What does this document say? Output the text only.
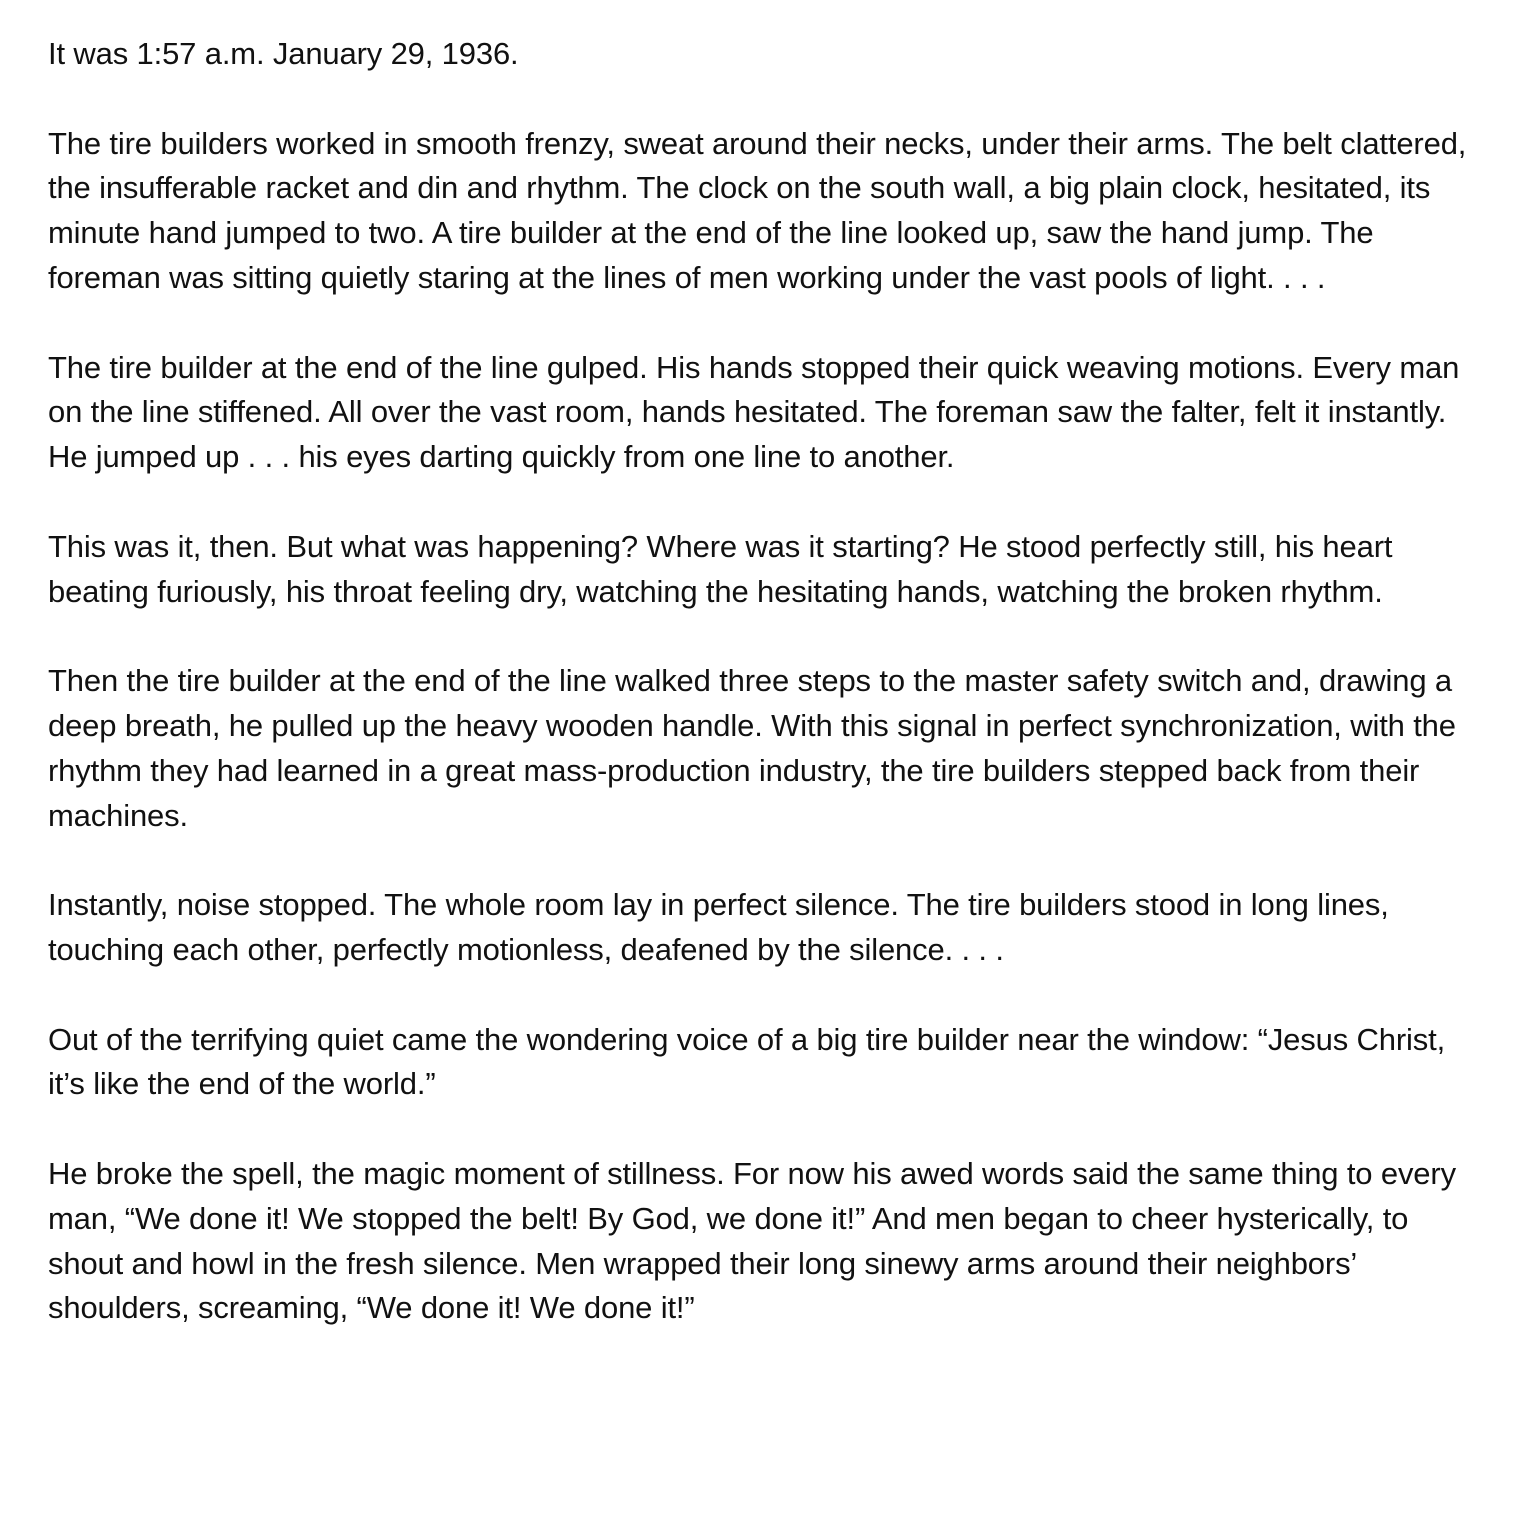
It was 1:57 a.m. January 29, 1936.

The tire builders worked in smooth frenzy, sweat around their necks, under their arms. The belt clattered, the insufferable racket and din and rhythm. The clock on the south wall, a big plain clock, hesitated, its minute hand jumped to two. A tire builder at the end of the line looked up, saw the hand jump. The foreman was sitting quietly staring at the lines of men working under the vast pools of light. . . .

The tire builder at the end of the line gulped. His hands stopped their quick weaving motions. Every man on the line stiffened. All over the vast room, hands hesitated. The foreman saw the falter, felt it instantly. He jumped up . . . his eyes darting quickly from one line to another.

This was it, then. But what was happening? Where was it starting? He stood perfectly still, his heart beating furiously, his throat feeling dry, watching the hesitating hands, watching the broken rhythm.

Then the tire builder at the end of the line walked three steps to the master safety switch and, drawing a deep breath, he pulled up the heavy wooden handle. With this signal in perfect synchronization, with the rhythm they had learned in a great mass-production industry, the tire builders stepped back from their machines.

Instantly, noise stopped. The whole room lay in perfect silence. The tire builders stood in long lines, touching each other, perfectly motionless, deafened by the silence. . . .

Out of the terrifying quiet came the wondering voice of a big tire builder near the window: “Jesus Christ, it’s like the end of the world.”

He broke the spell, the magic moment of stillness. For now his awed words said the same thing to every man, “We done it! We stopped the belt! By God, we done it!” And men began to cheer hysterically, to shout and howl in the fresh silence. Men wrapped their long sinewy arms around their neighbors’ shoulders, screaming, “We done it! We done it!”
